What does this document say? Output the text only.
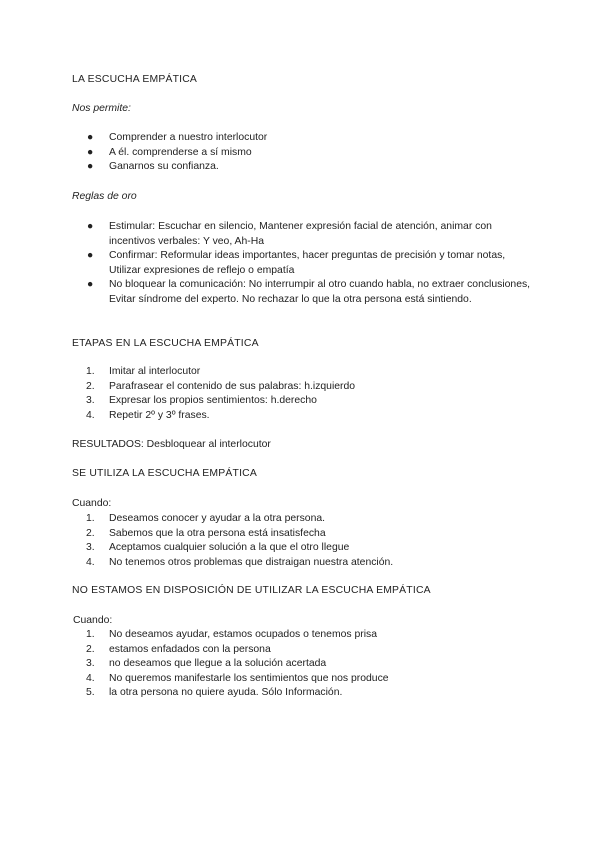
LA ESCUCHA EMPÁTICA
Nos permite:
●	Comprender a nuestro interlocutor
●	A él. comprenderse a sí mismo
●	Ganarnos su confianza.
Reglas de oro
●	Estimular: Escuchar en silencio, Mantener expresión facial de atención, animar con incentivos verbales: Y veo, Ah-Ha
●	Confirmar: Reformular ideas importantes, hacer preguntas de precisión y tomar notas, Utilizar expresiones de reflejo o empatía
●	No bloquear la comunicación: No interrumpir al otro cuando habla, no extraer conclusiones, Evitar síndrome del experto. No rechazar lo que la otra persona está sintiendo.
ETAPAS EN LA ESCUCHA EMPÁTICA
1.	Imitar al interlocutor
2.	Parafrasear el contenido de sus palabras: h.izquierdo
3.	Expresar los propios sentimientos: h.derecho
4.	Repetir 2º y 3º frases.
RESULTADOS: Desbloquear al interlocutor
SE UTILIZA LA ESCUCHA EMPÁTICA
Cuando:
1.	Deseamos conocer y ayudar a la otra persona.
2.	Sabemos que la otra persona está insatisfecha
3.	Aceptamos cualquier solución a la que el otro llegue
4.	No tenemos otros problemas que distraigan nuestra atención.
NO ESTAMOS EN DISPOSICIÓN DE UTILIZAR LA ESCUCHA EMPÁTICA
Cuando:
1.	No deseamos ayudar, estamos ocupados o tenemos prisa
2.	estamos enfadados con la persona
3.	no deseamos que llegue a la solución acertada
4.	No queremos manifestarle los sentimientos que nos produce
5.	la otra persona no quiere ayuda. Sólo Información.
